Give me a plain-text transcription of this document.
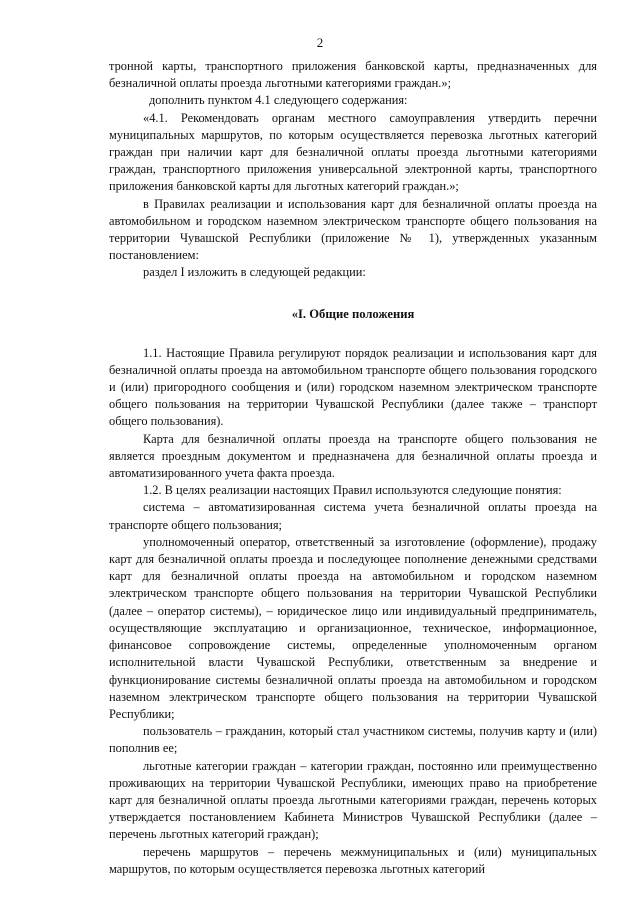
2

тронной карты, транспортного приложения банковской карты, предназначенных для безналичной оплаты проезда льготными категориями граждан.»;

дополнить пунктом 4.1 следующего содержания:

«4.1. Рекомендовать органам местного самоуправления утвердить перечни муниципальных маршрутов, по которым осуществляется перевозка льготных категорий граждан при наличии карт для безналичной оплаты проезда льготными категориями граждан, транспортного приложения универсальной электронной карты, транспортного приложения банковской карты для льготных категорий граждан.»;

в Правилах реализации и использования карт для безналичной оплаты проезда на автомобильном и городском наземном электрическом транспорте общего пользования на территории Чувашской Республики (приложение № 1), утвержденных указанным постановлением:

раздел I изложить в следующей редакции:

«I. Общие положения

1.1. Настоящие Правила регулируют порядок реализации и использования карт для безналичной оплаты проезда на автомобильном транспорте общего пользования городского и (или) пригородного сообщения и (или) городском наземном электрическом транспорте общего пользования на территории Чувашской Республики (далее также – транспорт общего пользования).

Карта для безналичной оплаты проезда на транспорте общего пользования не является проездным документом и предназначена для безналичной оплаты проезда и автоматизированного учета факта проезда.

1.2. В целях реализации настоящих Правил используются следующие понятия:

система – автоматизированная система учета безналичной оплаты проезда на транспорте общего пользования;

уполномоченный оператор, ответственный за изготовление (оформление), продажу карт для безналичной оплаты проезда и последующее пополнение денежными средствами карт для безналичной оплаты проезда на автомобильном и городском наземном электрическом транспорте общего пользования на территории Чувашской Республики (далее – оператор системы), – юридическое лицо или индивидуальный предприниматель, осуществляющие эксплуатацию и организационное, техническое, информационное, финансовое сопровождение системы, определенные уполномоченным органом исполнительной власти Чувашской Республики, ответственным за внедрение и функционирование системы безналичной оплаты проезда на автомобильном и городском наземном электрическом транспорте общего пользования на территории Чувашской Республики;

пользователь – гражданин, который стал участником системы, получив карту и (или) пополнив ее;

льготные категории граждан – категории граждан, постоянно или преимущественно проживающих на территории Чувашской Республики, имеющих право на приобретение карт для безналичной оплаты проезда льготными категориями граждан, перечень которых утверждается постановлением Кабинета Министров Чувашской Республики (далее – перечень льготных категорий граждан);

перечень маршрутов – перечень межмуниципальных и (или) муниципальных маршрутов, по которым осуществляется перевозка льготных категорий
